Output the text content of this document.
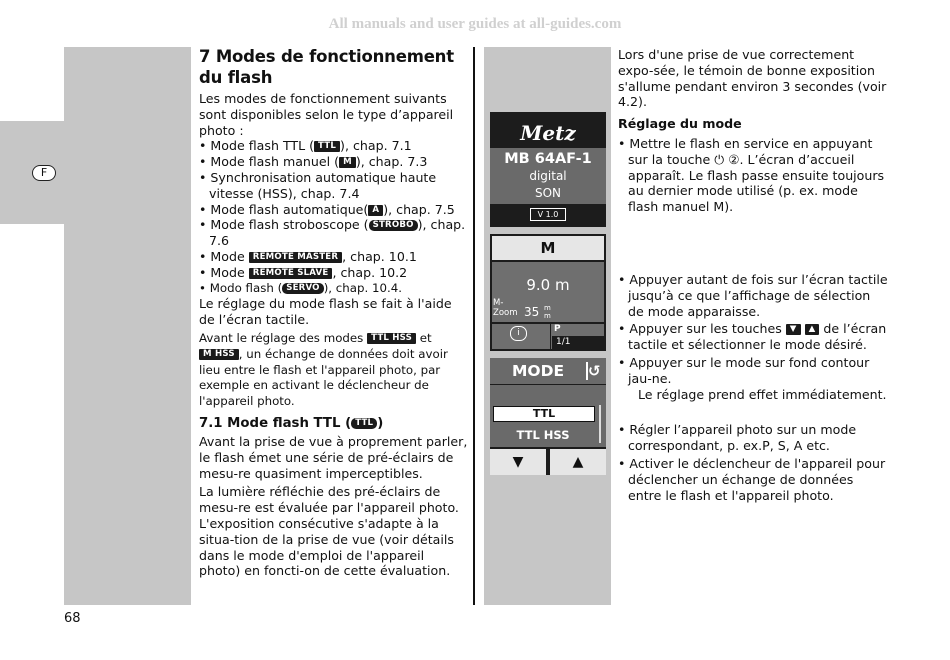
All manuals and user guides at all-guides.com
F
7 Modes de fonctionnement du flash

Les modes de fonctionnement suivants sont disponibles selon le type d’appareil photo :

• Mode flash TTL ( TTL ), chap. 7.1

• Mode flash manuel ( M ), chap. 7.3

• Synchronisation automatique haute vitesse (HSS), chap. 7.4

• Mode flash automatique( A ), chap. 7.5

• Mode flash stroboscope ( STROBO ), chap. 7.6

• Mode REMOTE MASTER , chap. 10.1

• Mode REMOTE SLAVE , chap. 10.2

• Modo flash ( SERVO ), chap. 10.4.

Le réglage du mode flash se fait à l'aide de l’écran tactile.

Avant le réglage des modes TTL HSS et M HSS , un échange de données doit avoir lieu entre le flash et l'appareil photo, par exemple en activant le déclencheur de l'appareil photo.

7.1 Mode flash TTL ( TTL )

Avant la prise de vue à proprement parler, le flash émet une série de pré-éclairs de mesu-re quasiment imperceptibles.

La lumière réfléchie des pré-éclairs de mesu-re est évaluée par l'appareil photo. L'exposition consécutive s'adapte à la situa-tion de la prise de vue (voir détails dans le mode d'emploi de l'appareil photo) en foncti-on de cette évaluation.

Metz
MB 64AF-1
digital
SON
V 1.0
M
9.0 m
M-
Zoom 35 m
m
i	P
1/1
MODE ↺
TTL
TTL HSS
▼	▲

Lors d'une prise de vue correctement expo-sée, le témoin de bonne exposition s'allume pendant environ 3 secondes (voir 4.2).

Réglage du mode

• Mettre le flash en service en appuyant sur la touche ⏻ ②. L’écran d’accueil apparaît. Le flash passe ensuite toujours au dernier mode utilisé (p. ex. mode flash manuel M).

• Appuyer autant de fois sur l’écran tactile jusqu’à ce que l’affichage de sélection de mode apparaisse.

• Appuyer sur les touches ▼ ▲ de l’écran tactile et sélectionner le mode désiré.

• Appuyer sur le mode sur fond contour jau-ne.
Le réglage prend effet immédiatement.

• Régler l’appareil photo sur un mode correspondant, p. ex.P, S, A etc.

• Activer le déclencheur de l'appareil pour déclencher un échange de données entre le flash et l'appareil photo.

68
